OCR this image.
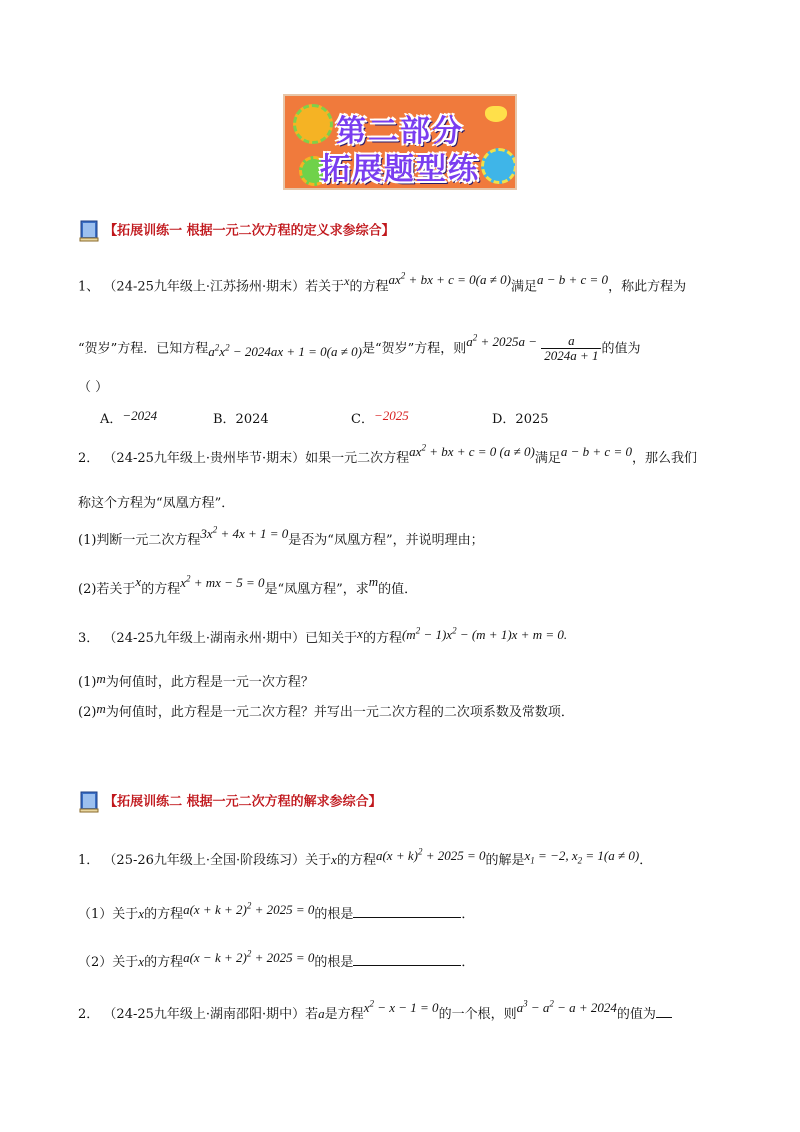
第二部分
拓展题型练
【拓展训练一 根据一元二次方程的定义求参综合】
1、 （24-25九年级上·江苏扬州·期末）若关于$^x$的方程$ax^2$ + bx + c = 0(a ≠ 0)满足a − b + c = 0，称此方程为
“贺岁”方程．已知方程$a^2x^2 - 2024ax + 1 = 0(a \ne 0)$是“贺岁”方程，则$a^2 + 2025a - \frac{a}{2024a + 1}$ 的值为
（ ）
A．−2024	B．2024	C．−2025	D．2025
2． （24-25九年级上·贵州毕节·期末）如果一元二次方程$ax^2$ + bx + c = 0 (a ≠ 0)满足a − b + c = 0，那么我们
称这个方程为“凤凰方程”．
(1)判断一元二次方程$3x^2 + 4x + 1 = 0$是否为“凤凰方程”，并说明理由；
(2)若关于x的方程$x^2$ + mx − 5 = 0是“凤凰方程”，求m的值．
3． （24-25九年级上·湖南永州·期中）已知关于x的方程$(m^2 - 1)x^2 - (m + 1)x + m = 0$.
(1)m为何值时，此方程是一元一次方程？
(2)m为何值时，此方程是一元二次方程？并写出一元二次方程的二次项系数及常数项．
【拓展训练二 根据一元二次方程的解求参综合】
1． （25-26九年级上·全国·阶段练习）关于x的方程$a(x + k)^2 + 2025 = 0$的解是$x_1 = -2$, $x_2 = 1(a \ne 0)$．
（1）关于x的方程$a(x + k + 2)^2 + 2025 = 0$的根是	．
（2）关于x的方程$a(x - k + 2)^2 + 2025 = 0$的根是	．
2． （24-25九年级上·湖南邵阳·期中）若a是方程$x^2 - x - 1 = 0$的一个根，则$a^3 - a^2 - a + 2024$的值为
